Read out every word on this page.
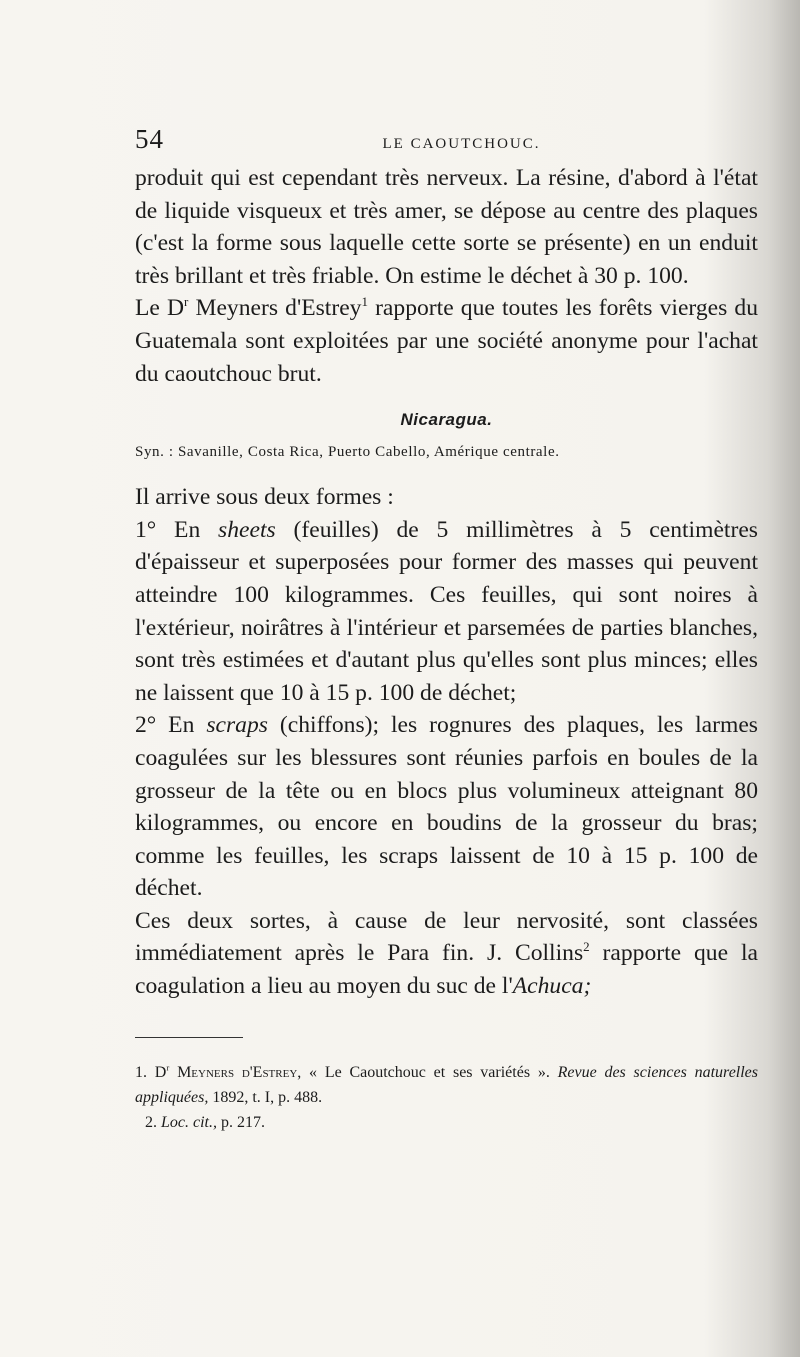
54	LE CAOUTCHOUC.

produit qui est cependant très nerveux. La résine, d'abord à l'état de liquide visqueux et très amer, se dépose au centre des plaques (c'est la forme sous laquelle cette sorte se présente) en un enduit très brillant et très friable. On estime le déchet à 30 p. 100.

Le $D^r$ Meyners d'Estrey$^1$ rapporte que toutes les forêts vierges du Guatemala sont exploitées par une société anonyme pour l'achat du caoutchouc brut.

Nicaragua.
Syn. : Savanille, Costa Rica, Puerto Cabello, Amérique centrale.

Il arrive sous deux formes :

1° En sheets (feuilles) de 5 millimètres à 5 centimètres d'épaisseur et superposées pour former des masses qui peuvent atteindre 100 kilogrammes. Ces feuilles, qui sont noires à l'extérieur, noirâtres à l'intérieur et parsemées de parties blanches, sont très estimées et d'autant plus qu'elles sont plus minces; elles ne laissent que 10 à 15 p. 100 de déchet;

2° En scraps (chiffons); les rognures des plaques, les larmes coagulées sur les blessures sont réunies parfois en boules de la grosseur de la tête ou en blocs plus volumineux atteignant 80 kilogrammes, ou encore en boudins de la grosseur du bras; comme les feuilles, les scraps laissent de 10 à 15 p. 100 de déchet.

Ces deux sortes, à cause de leur nervosité, sont classées immédiatement après le Para fin. J. Collins$^2$ rapporte que la coagulation a lieu au moyen du suc de l'Achuca;

1. $D^r$ Meyners d'Estrey, « Le Caoutchouc et ses variétés ». Revue des sciences naturelles appliquées, 1892, t. I, p. 488.

2. Loc. cit., p. 217.
